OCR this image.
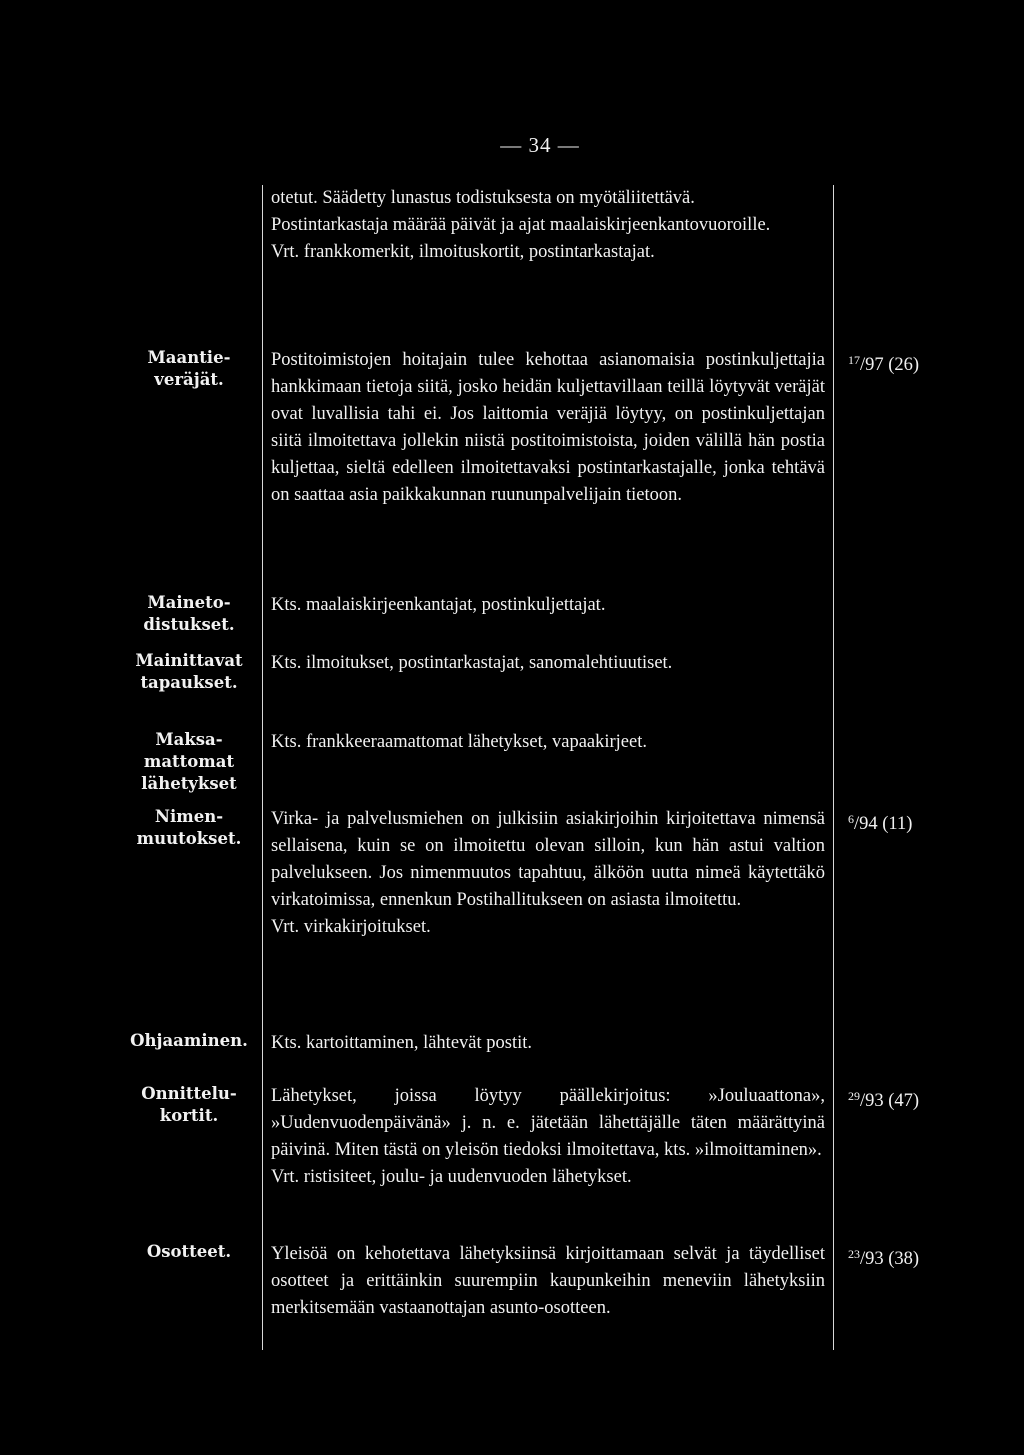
— 34 —

otetut. Säädetty lunastus todistuksesta on myötäliitettävä.

Postintarkastaja määrää päivät ja ajat maalaiskirjeenkantovuoroille.

Vrt. frankkomerkit, ilmoituskortit, postintarkastajat.

Maantieveräjät.

Postitoimistojen hoitajain tulee kehottaa asianomaisia postinkuljettajia hankkimaan tietoja siitä, josko heidän kuljettavillaan teillä löytyvät veräjät ovat luvallisia tahi ei. Jos laittomia veräjiä löytyy, on postinkuljettajan siitä ilmoitettava jollekin niistä postitoimistoista, joiden välillä hän postia kuljettaa, sieltä edelleen ilmoitettavaksi postintarkastajalle, jonka tehtävä on saattaa asia paikkakunnan ruununpalvelijain tietoon.

$^{17}$/97 (26)
Mainetodistukset.

Kts. maalaiskirjeenkantajat, postinkuljettajat.

Mainittavat tapaukset.

Kts. ilmoitukset, postintarkastajat, sanomalehtiuutiset.

Maksamattomat lähetykset

Kts. frankkeeraamattomat lähetykset, vapaakirjeet.

Nimenmuutokset.

Virka- ja palvelusmiehen on julkisiin asiakirjoihin kirjoitettava nimensä sellaisena, kuin se on ilmoitettu olevan silloin, kun hän astui valtion palvelukseen. Jos nimenmuutos tapahtuu, älköön uutta nimeä käytettäkö virkatoimissa, ennenkun Postihallitukseen on asiasta ilmoitettu.

Vrt. virkakirjoitukset.

$^6$/94 (11)
Ohjaaminen.	Kts. kartoittaminen, lähtevät postit.

Onnittelukortit.

Lähetykset, joissa löytyy päällekirjoitus: »Jouluaattona», »Uudenvuodenpäivänä» j. n. e. jätetään lähettäjälle täten määrättyinä päivinä. Miten tästä on yleisön tiedoksi ilmoitettava, kts. »ilmoittaminen».

Vrt. ristisiteet, joulu- ja uudenvuoden lähetykset.

$^{29}$/93 (47)
Osotteet.	Yleisöä on kehotettava lähetyksiinsä kirjoittamaan selvät ja täydelliset osotteet ja erittäinkin suurempiin kaupunkeihin meneviin lähetyksiin merkitsemään vastaanottajan asunto-osotteen.

$^{23}$/93 (38)
